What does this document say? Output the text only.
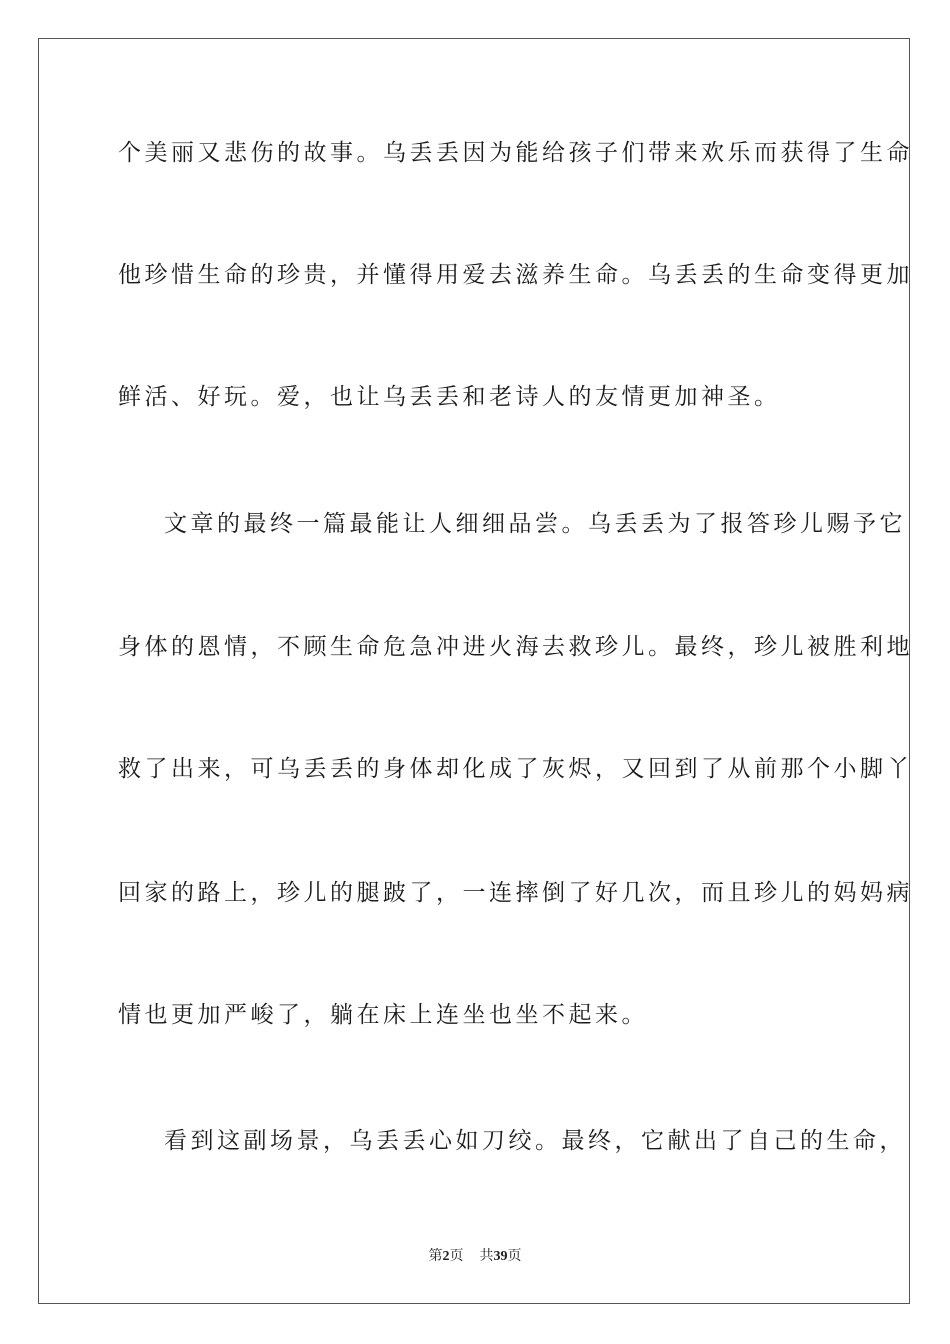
个美丽又悲伤的故事。乌丢丢因为能给孩子们带来欢乐而获得了生命
他珍惜生命的珍贵，并懂得用爱去滋养生命。乌丢丢的生命变得更加
鲜活、好玩。爱，也让乌丢丢和老诗人的友情更加神圣。
文章的最终一篇最能让人细细品尝。乌丢丢为了报答珍儿赐予它
身体的恩情，不顾生命危急冲进火海去救珍儿。最终，珍儿被胜利地
救了出来，可乌丢丢的身体却化成了灰烬，又回到了从前那个小脚丫
回家的路上，珍儿的腿跛了，一连摔倒了好几次，而且珍儿的妈妈病
情也更加严峻了，躺在床上连坐也坐不起来。
看到这副场景，乌丢丢心如刀绞。最终，它献出了自己的生命，
第2页 共39页
